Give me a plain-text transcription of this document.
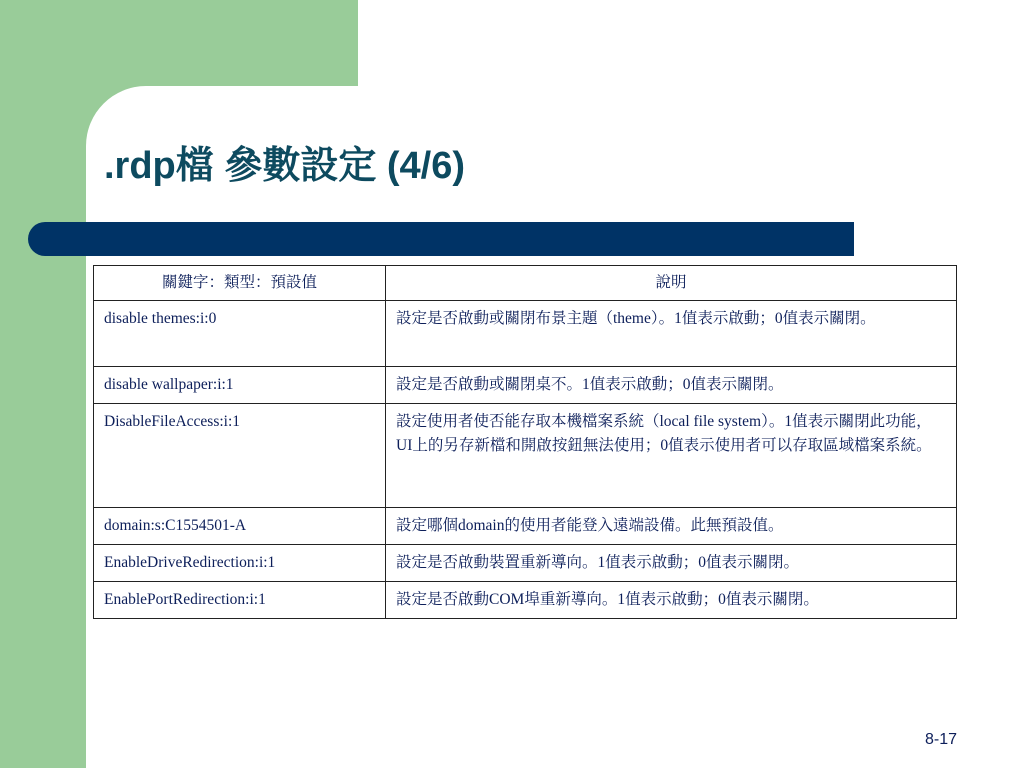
.rdp檔 參數設定 (4/6)
關鍵字：類型：預設值	說明
disable themes:i:0	設定是否啟動或關閉布景主題（theme）。1值表示啟動；0值表示關閉。
disable wallpaper:i:1	設定是否啟動或關閉桌不。1值表示啟動；0值表示關閉。
DisableFileAccess:i:1	設定使用者使否能存取本機檔案系統（local file system）。1值表示關閉此功能，UI上的另存新檔和開啟按鈕無法使用；0值表示使用者可以存取區域檔案系統。
domain:s:C1554501-A	設定哪個domain的使用者能登入遠端設備。此無預設值。
EnableDriveRedirection:i:1	設定是否啟動裝置重新導向。1值表示啟動；0值表示關閉。
EnablePortRedirection:i:1	設定是否啟動COM埠重新導向。1值表示啟動；0值表示關閉。
8-17
